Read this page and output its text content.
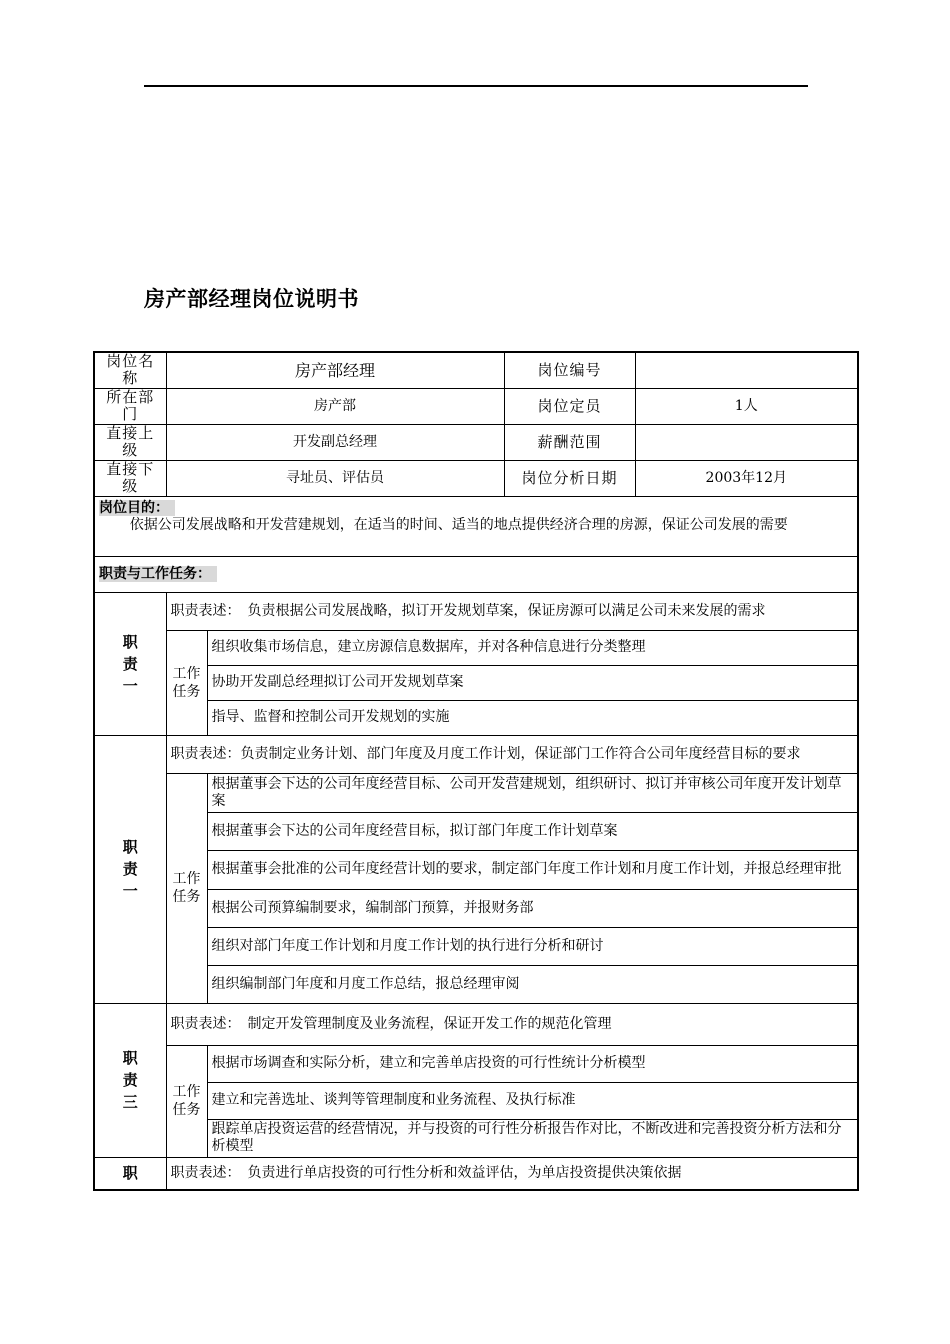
房产部经理岗位说明书
岗位名称	房产部经理		岗位编号	
所在部门	房产部		岗位定员	1人
直接上级	开发副总经理		薪酬范围	
直接下级	寻址员、评估员		岗位分析日期	2003年12月

岗位目的：
依据公司发展战略和开发营建规划，在适当的时间、适当的地点提供经济合理的房源，保证公司发展的需要				

职责与工作任务：				

职
责
一	职责表述：　负责根据公司发展战略，拟订开发规划草案，保证房源可以满足公司未来发展的需求			

	工作
任务	组织收集市场信息，建立房源信息数据库，并对各种信息进行分类整理		
		协助开发副总经理拟订公司开发规划草案		
		指导、监督和控制公司开发规划的实施		

职
责
一	职责表述：负责制定业务计划、部门年度及月度工作计划，保证部门工作符合公司年度经营目标的要求			

	工作
任务	根据董事会下达的公司年度经营目标、公司开发营建规划，组织研讨、拟订并审核公司年度开发计划草案		
		根据董事会下达的公司年度经营目标，拟订部门年度工作计划草案		
		根据董事会批准的公司年度经营计划的要求，制定部门年度工作计划和月度工作计划，并报总经理审批		
		根据公司预算编制要求，编制部门预算，并报财务部		
		组织对部门年度工作计划和月度工作计划的执行进行分析和研讨		
		组织编制部门年度和月度工作总结，报总经理审阅		

职
责
三	职责表述：　制定开发管理制度及业务流程，保证开发工作的规范化管理			

	工作
任务	根据市场调查和实际分析，建立和完善单店投资的可行性统计分析模型		
		建立和完善选址、谈判等管理制度和业务流程、及执行标准		
		跟踪单店投资运营的经营情况，并与投资的可行性分析报告作对比，不断改进和完善投资分析方法和分析模型		

职	职责表述：　负责进行单店投资的可行性分析和效益评估，为单店投资提供决策依据			
